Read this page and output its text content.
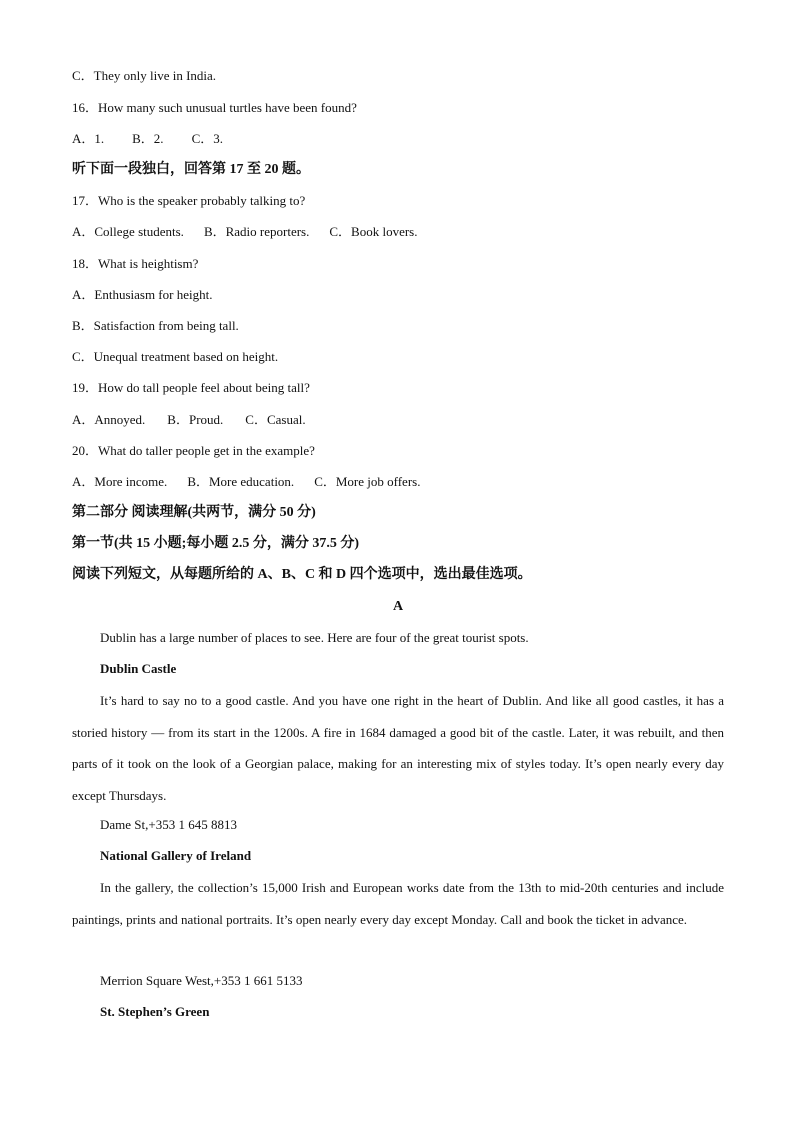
C．They only live in India.
16．How many such unusual turtles have been found?
A．1. B．2. C．3.
听下面一段独白，回答第 17 至 20 题。
17．Who is the speaker probably talking to?
A．College students. B．Radio reporters. C．Book lovers.
18．What is heightism?
A．Enthusiasm for height.
B．Satisfaction from being tall.
C．Unequal treatment based on height.
19．How do tall people feel about being tall?
A．Annoyed. B．Proud. C．Casual.
20．What do taller people get in the example?
A．More income. B．More education. C．More job offers.
第二部分 阅读理解(共两节，满分 50 分)
第一节(共 15 小题;每小题 2.5 分，满分 37.5 分)
阅读下列短文，从每题所给的 A、B、C 和 D 四个选项中，选出最佳选项。
A
Dublin has a large number of places to see. Here are four of the great tourist spots.
Dublin Castle
It’s hard to say no to a good castle. And you have one right in the heart of Dublin. And like all good castles, it has a storied history — from its start in the 1200s. A fire in 1684 damaged a good bit of the castle. Later, it was rebuilt, and then parts of it took on the look of a Georgian palace, making for an interesting mix of styles today. It’s open nearly every day except Thursdays.
Dame St,+353 1 645 8813
National Gallery of Ireland
In the gallery, the collection’s 15,000 Irish and European works date from the 13th to mid-20th centuries and include paintings, prints and national portraits. It’s open nearly every day except Monday. Call and book the ticket in advance.
Merrion Square West,+353 1 661 5133
St. Stephen’s Green
